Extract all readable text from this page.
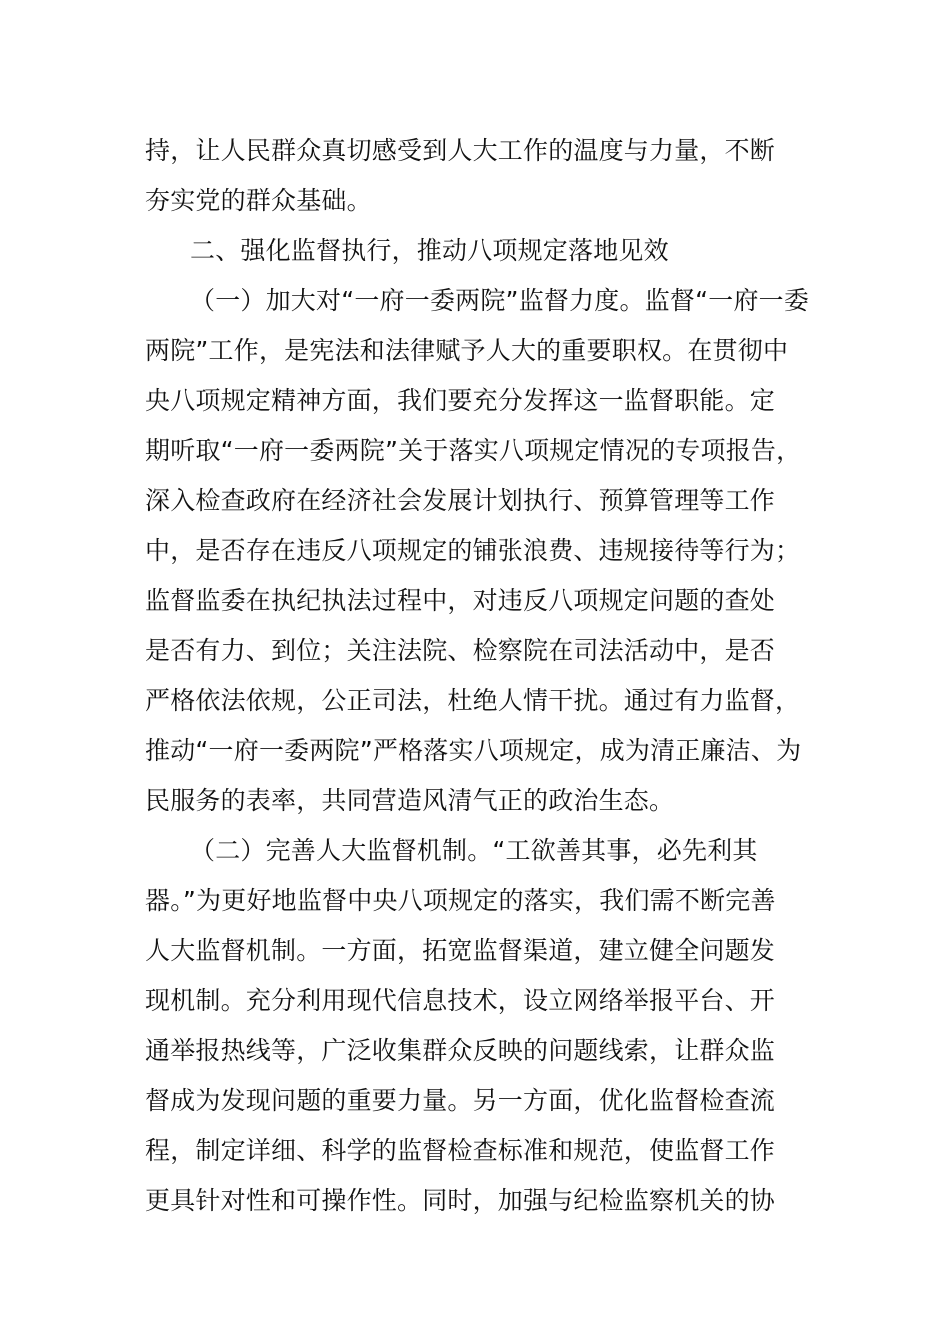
持，让人民群众真切感受到人大工作的温度与力量，不断
夯实党的群众基础。
二、强化监督执行，推动八项规定落地见效
（一）加大对“一府一委两院”监督力度。监督“一府一委
两院”工作，是宪法和法律赋予人大的重要职权。在贯彻中
央八项规定精神方面，我们要充分发挥这一监督职能。定
期听取“一府一委两院”关于落实八项规定情况的专项报告，
深入检查政府在经济社会发展计划执行、预算管理等工作
中，是否存在违反八项规定的铺张浪费、违规接待等行为；
监督监委在执纪执法过程中，对违反八项规定问题的查处
是否有力、到位；关注法院、检察院在司法活动中，是否
严格依法依规，公正司法，杜绝人情干扰。通过有力监督，
推动“一府一委两院”严格落实八项规定，成为清正廉洁、为
民服务的表率，共同营造风清气正的政治生态。
（二）完善人大监督机制。“工欲善其事，必先利其
器。”为更好地监督中央八项规定的落实，我们需不断完善
人大监督机制。一方面，拓宽监督渠道，建立健全问题发
现机制。充分利用现代信息技术，设立网络举报平台、开
通举报热线等，广泛收集群众反映的问题线索，让群众监
督成为发现问题的重要力量。另一方面，优化监督检查流
程，制定详细、科学的监督检查标准和规范，使监督工作
更具针对性和可操作性。同时，加强与纪检监察机关的协
